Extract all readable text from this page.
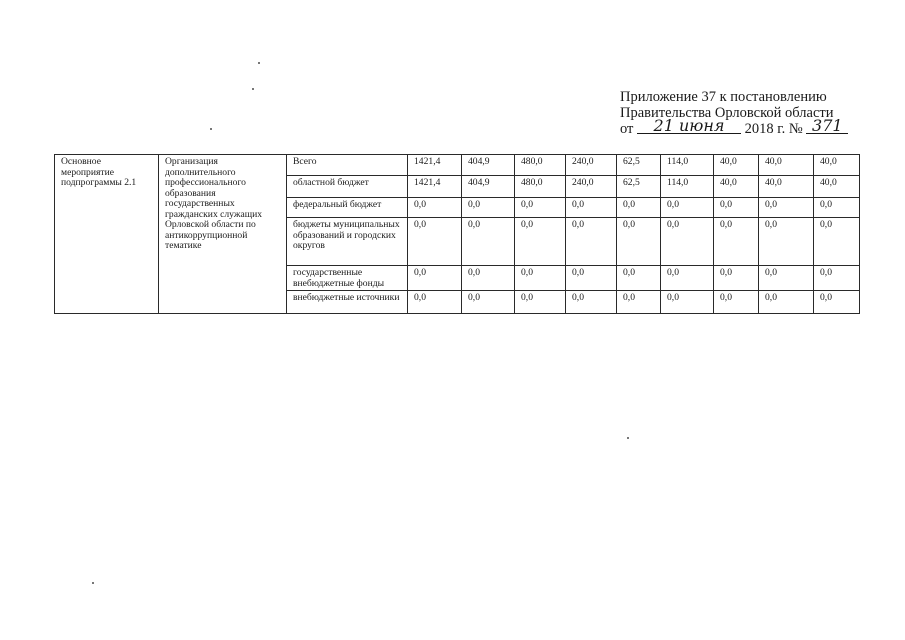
Приложение 37 к постановлению
Правительства Орловской области
от 21 июня 2018 г. № 371
Основное мероприятие подпрограммы 2.1	Организация дополнительного профессионального образования государственных гражданских служащих Орловской области по антикоррупционной тематике	Всего	1421,4	404,9	480,0	240,0	62,5	114,0	40,0	40,0	40,0
		областной бюджет	1421,4	404,9	480,0	240,0	62,5	114,0	40,0	40,0	40,0
		федеральный бюджет	0,0	0,0	0,0	0,0	0,0	0,0	0,0	0,0	0,0
		бюджеты муниципальных образований и городских округов	0,0	0,0	0,0	0,0	0,0	0,0	0,0	0,0	0,0
		государственные внебюджетные фонды	0,0	0,0	0,0	0,0	0,0	0,0	0,0	0,0	0,0
		внебюджетные источники	0,0	0,0	0,0	0,0	0,0	0,0	0,0	0,0	0,0
